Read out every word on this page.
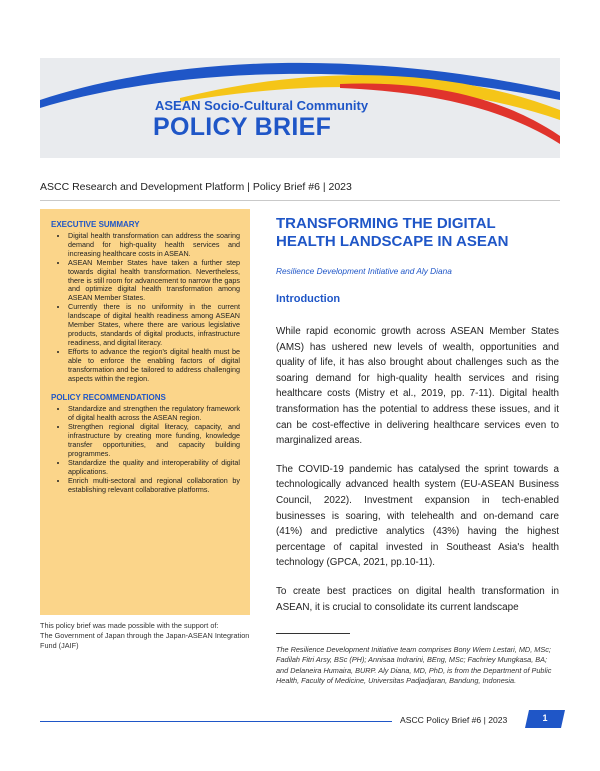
ASEAN Socio-Cultural Community
POLICY BRIEF
ASCC Research and Development Platform | Policy Brief #6 | 2023
EXECUTIVE SUMMARY
• Digital health transformation can address the soaring demand for high-quality health services and increasing healthcare costs in ASEAN.
• ASEAN Member States have taken a further step towards digital health transformation. Nevertheless, there is still room for advancement to narrow the gaps and optimize digital health transformation among ASEAN Member States.
• Currently there is no uniformity in the current landscape of digital health readiness among ASEAN Member States, where there are various legislative products, standards of digital products, infrastructure readiness, and digital literacy.
• Efforts to advance the region's digital health must be able to enforce the enabling factors of digital transformation and be tailored to address challenging aspects within the region.
POLICY RECOMMENDATIONS
• Standardize and strengthen the regulatory framework of digital health across the ASEAN region.
• Strengthen regional digital literacy, capacity, and infrastructure by creating more funding, knowledge transfer opportunities, and capacity building programmes.
• Standardize the quality and interoperability of digital applications.
• Enrich multi-sectoral and regional collaboration by establishing relevant collaborative platforms.
This policy brief was made possible with the support of:
The Government of Japan through the Japan-ASEAN Integration Fund (JAIF)
TRANSFORMING THE DIGITAL HEALTH LANDSCAPE IN ASEAN
Resilience Development Initiative and Aly Diana
Introduction

While rapid economic growth across ASEAN Member States (AMS) has ushered new levels of wealth, opportunities and quality of life, it has also brought about challenges such as the soaring demand for high-quality health services and rising healthcare costs (Mistry et al., 2019, pp. 7-11). Digital health transformation has the potential to address these issues, and it can be cost-effective in delivering healthcare services even to marginalized areas.

The COVID-19 pandemic has catalysed the sprint towards a technologically advanced health system (EU-ASEAN Business Council, 2022). Investment expansion in tech-enabled businesses is soaring, with telehealth and on-demand care (41%) and predictive analytics (43%) having the highest percentage of capital invested in Southeast Asia's health technology (GPCA, 2021, pp.10-11).

To create best practices on digital health transformation in ASEAN, it is crucial to consolidate its current landscape

The Resilience Development Initiative team comprises Bony Wiem Lestari, MD, MSc; Fadilah Fitri Arsy, BSc (PH); Annisaa Indrarini, BEng, MSc; Fachriey Mungkasa, BA; and Delaneira Humaira, BURP. Aly Diana, MD, PhD, is from the Department of Public Health, Faculty of Medicine, Universitas Padjadjaran, Bandung, Indonesia.
ASCC Policy Brief #6 | 2023	1
